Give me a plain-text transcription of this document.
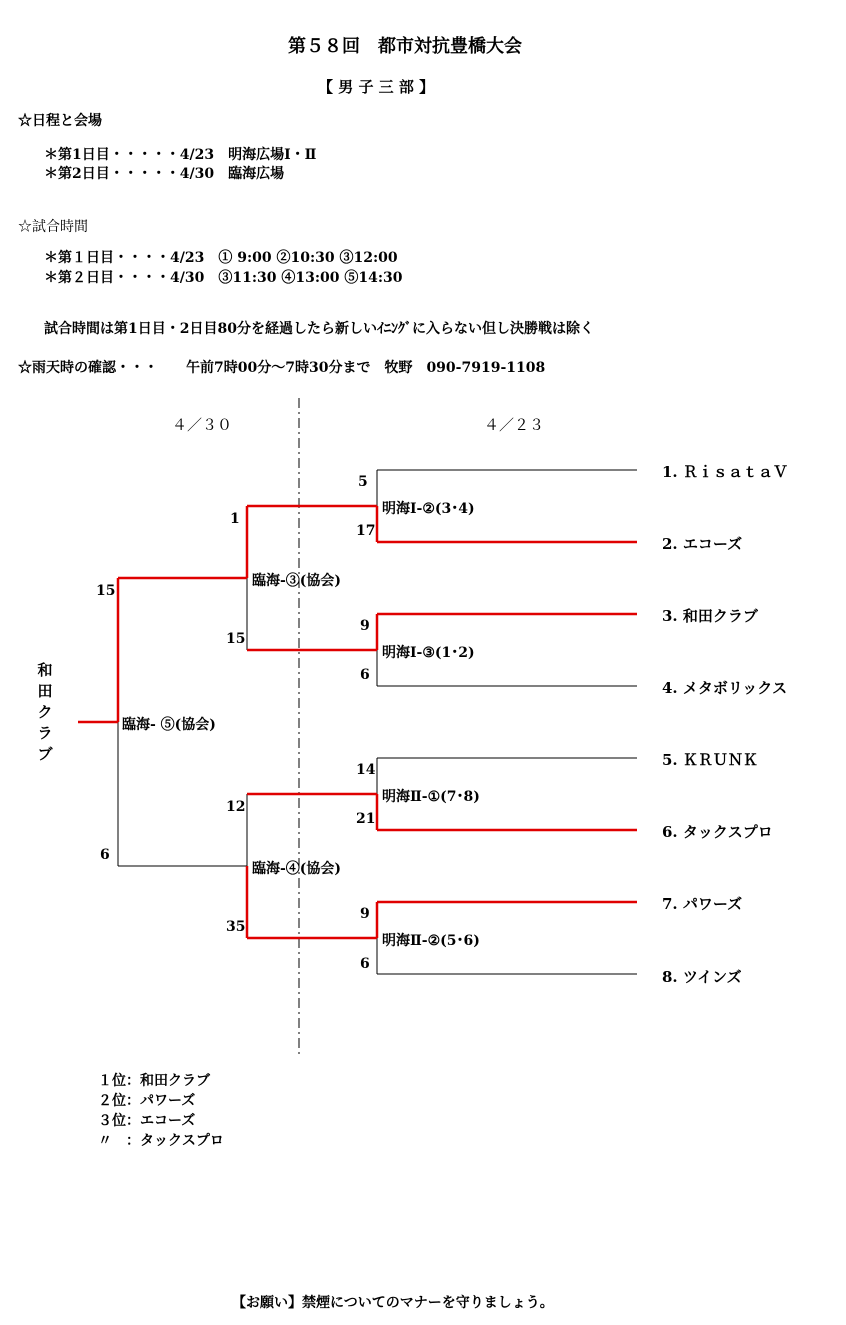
第５８回　都市対抗豊橋大会
【 男 子 三 部 】
☆日程と会場
＊第1日目・・・・・4/23　明海広場Ⅰ・Ⅱ
＊第2日目・・・・・4/30　臨海広場
☆試合時間
＊第１日目・・・・4/23　① 9:00 ②10:30 ③12:00
＊第２日目・・・・4/30　③11:30 ④13:00 ⑤14:30
試合時間は第1日目・2日目80分を経過したら新しいｲﾆﾝｸﾞに入らない但し決勝戦は除く
☆雨天時の確認・・・　　午前7時00分～7時30分まで　牧野　090-7919-1108
４／３０	４／２３
1. ＲｉｓａｔａＶ
2. エコーズ
3. 和田クラブ
4. メタボリックス
5. ＫＲＵＮＫ
6. タックスプロ
7. パワーズ
8. ツインズ
明海Ⅰ-②(3･4)
5
17
明海Ⅰ-③(1･2)
9
6
明海Ⅱ-①(7･8)
14
21
明海Ⅱ-②(5･6)
9
6
臨海-③(協会)
1
15
臨海-④(協会)
12
35
臨海- ⑤(協会)
15
6
和田クラブ
１位：和田クラブ
２位：パワーズ
３位：エコーズ
〃　：タックスプロ
【お願い】禁煙についてのマナーを守りましょう。
